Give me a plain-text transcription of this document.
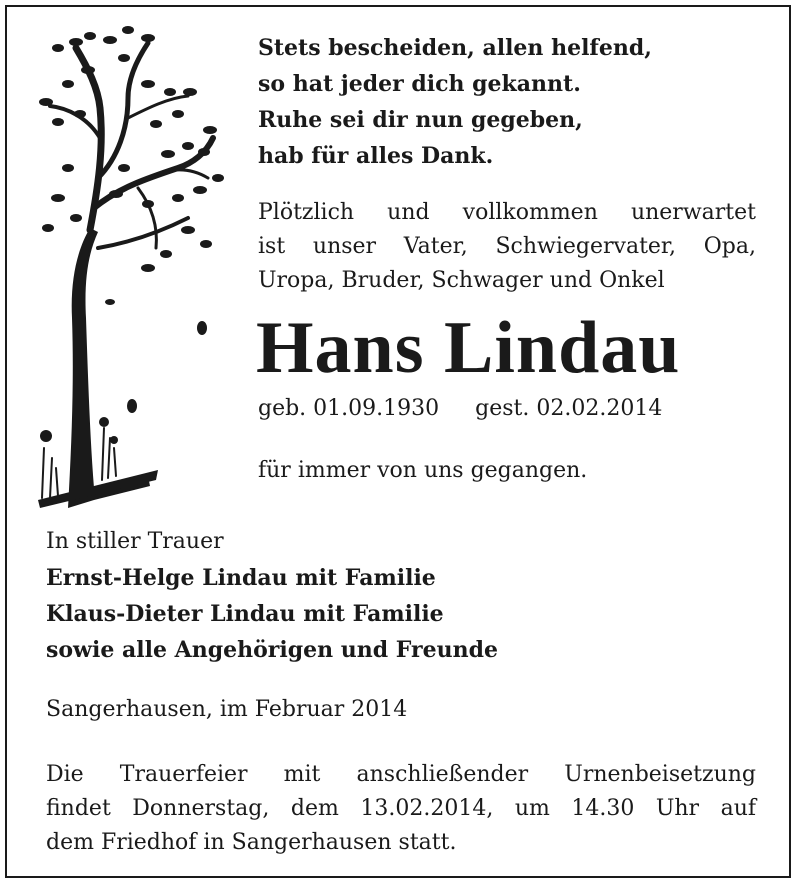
Stets bescheiden, allen helfend,
so hat jeder dich gekannt.
Ruhe sei dir nun gegeben,
hab für alles Dank.
Plötzlich und vollkommen unerwartet
ist unser Vater, Schwiegervater, Opa,
Uropa, Bruder, Schwager und Onkel
Hans Lindau
geb. 01.09.1930 gest. 02.02.2014
für immer von uns gegangen.
In stiller Trauer
Ernst-Helge Lindau mit Familie
Klaus-Dieter Lindau mit Familie
sowie alle Angehörigen und Freunde
Sangerhausen, im Februar 2014
Die Trauerfeier mit anschließender Urnenbeisetzung
findet Donnerstag, dem 13.02.2014, um 14.30 Uhr auf
dem Friedhof in Sangerhausen statt.
